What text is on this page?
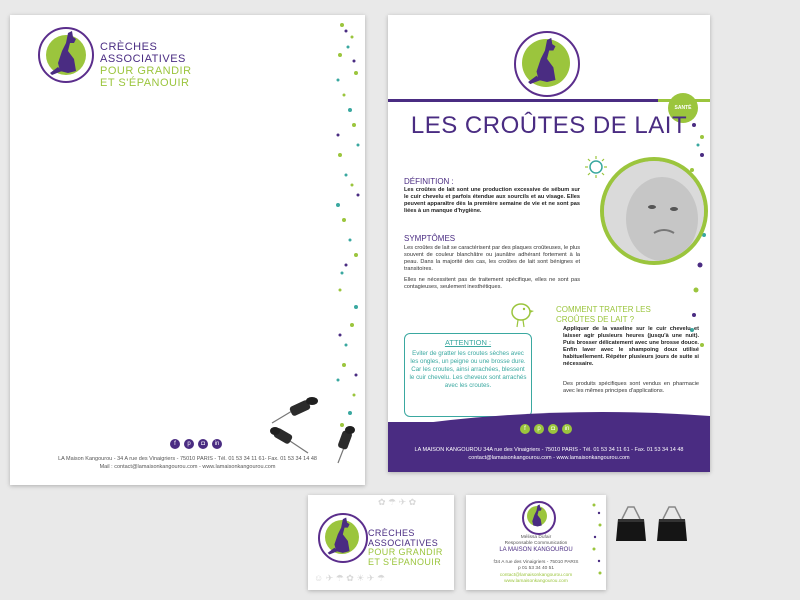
CRÈCHES
ASSOCIATIVES
POUR GRANDIR
ET S'ÉPANOUIR
f	p	◘	in
LA Maison Kangourou - 34 A rue des Vinaigriers - 75010 PARIS - Tél. 01 53 34 11 61- Fax. 01 53 34 14 48
Mail : contact@lamaisonkangourou.com - www.lamaisonkangourou.com
SANTÉ
LES CROÛTES DE LAIT
DÉFINITION :
Les croûtes de lait sont une production excessive de sébum sur le cuir chevelu et parfois étendue aux sourcils et au visage. Elles peuvent apparaître dès la première semaine de vie et ne sont pas liées à un manque d'hygiène.
SYMPTÔMES
Les croûtes de lait se caractérisent par des plaques croûteuses, le plus souvent de couleur blanchâtre ou jaunâtre adhérant fortement à la peau. Dans la majorité des cas, les croûtes de lait sont bénignes et transitoires.
Elles ne nécessitent pas de traitement spécifique, elles ne sont pas contagieuses, seulement inesthétiques.
ATTENTION :
Eviter de gratter les croutes sèches avec les ongles, un peigne ou une brosse dure. Car les croutes, ainsi arrachées, blessent le cuir chevelu. Les cheveux sont arrachés avec les croutes.
COMMENT TRAITER LES CROÛTES DE LAIT ?
Appliquer de la vaseline sur le cuir chevelu et laisser agir plusieurs heures (jusqu'à une nuit). Puis brosser délicatement avec une brosse douce. Enfin laver avec le shampoing doux utilisé habituellement. Répéter plusieurs jours de suite si nécessaire.
Des produits spécifiques sont vendus en pharmacie avec les mêmes principes d'applications.
f	p	◘	in
LA MAISON KANGOUROU 34A rue des Vinaigriers - 75010 PARIS - Tél. 01 53 34 11 61 - Fax. 01 53 34 14 48
contact@lamaisonkangourou.com - www.lamaisonkangourou.com
✿ ☂ ✈ ✿
☺ ✈ ☂ ✿ ☀ ✈ ☂
CRÈCHES
ASSOCIATIVES
POUR GRANDIR
ET S'ÉPANOUIR
Mélissa Dufair
Responsable Communication
LA MAISON KANGOUROU
f34 A rue des Vinaigriers - 75010 PARIS
p 01 53 34 40 51
contact@lamaisonkangourou.com
www.lamaisonkangourou.com
